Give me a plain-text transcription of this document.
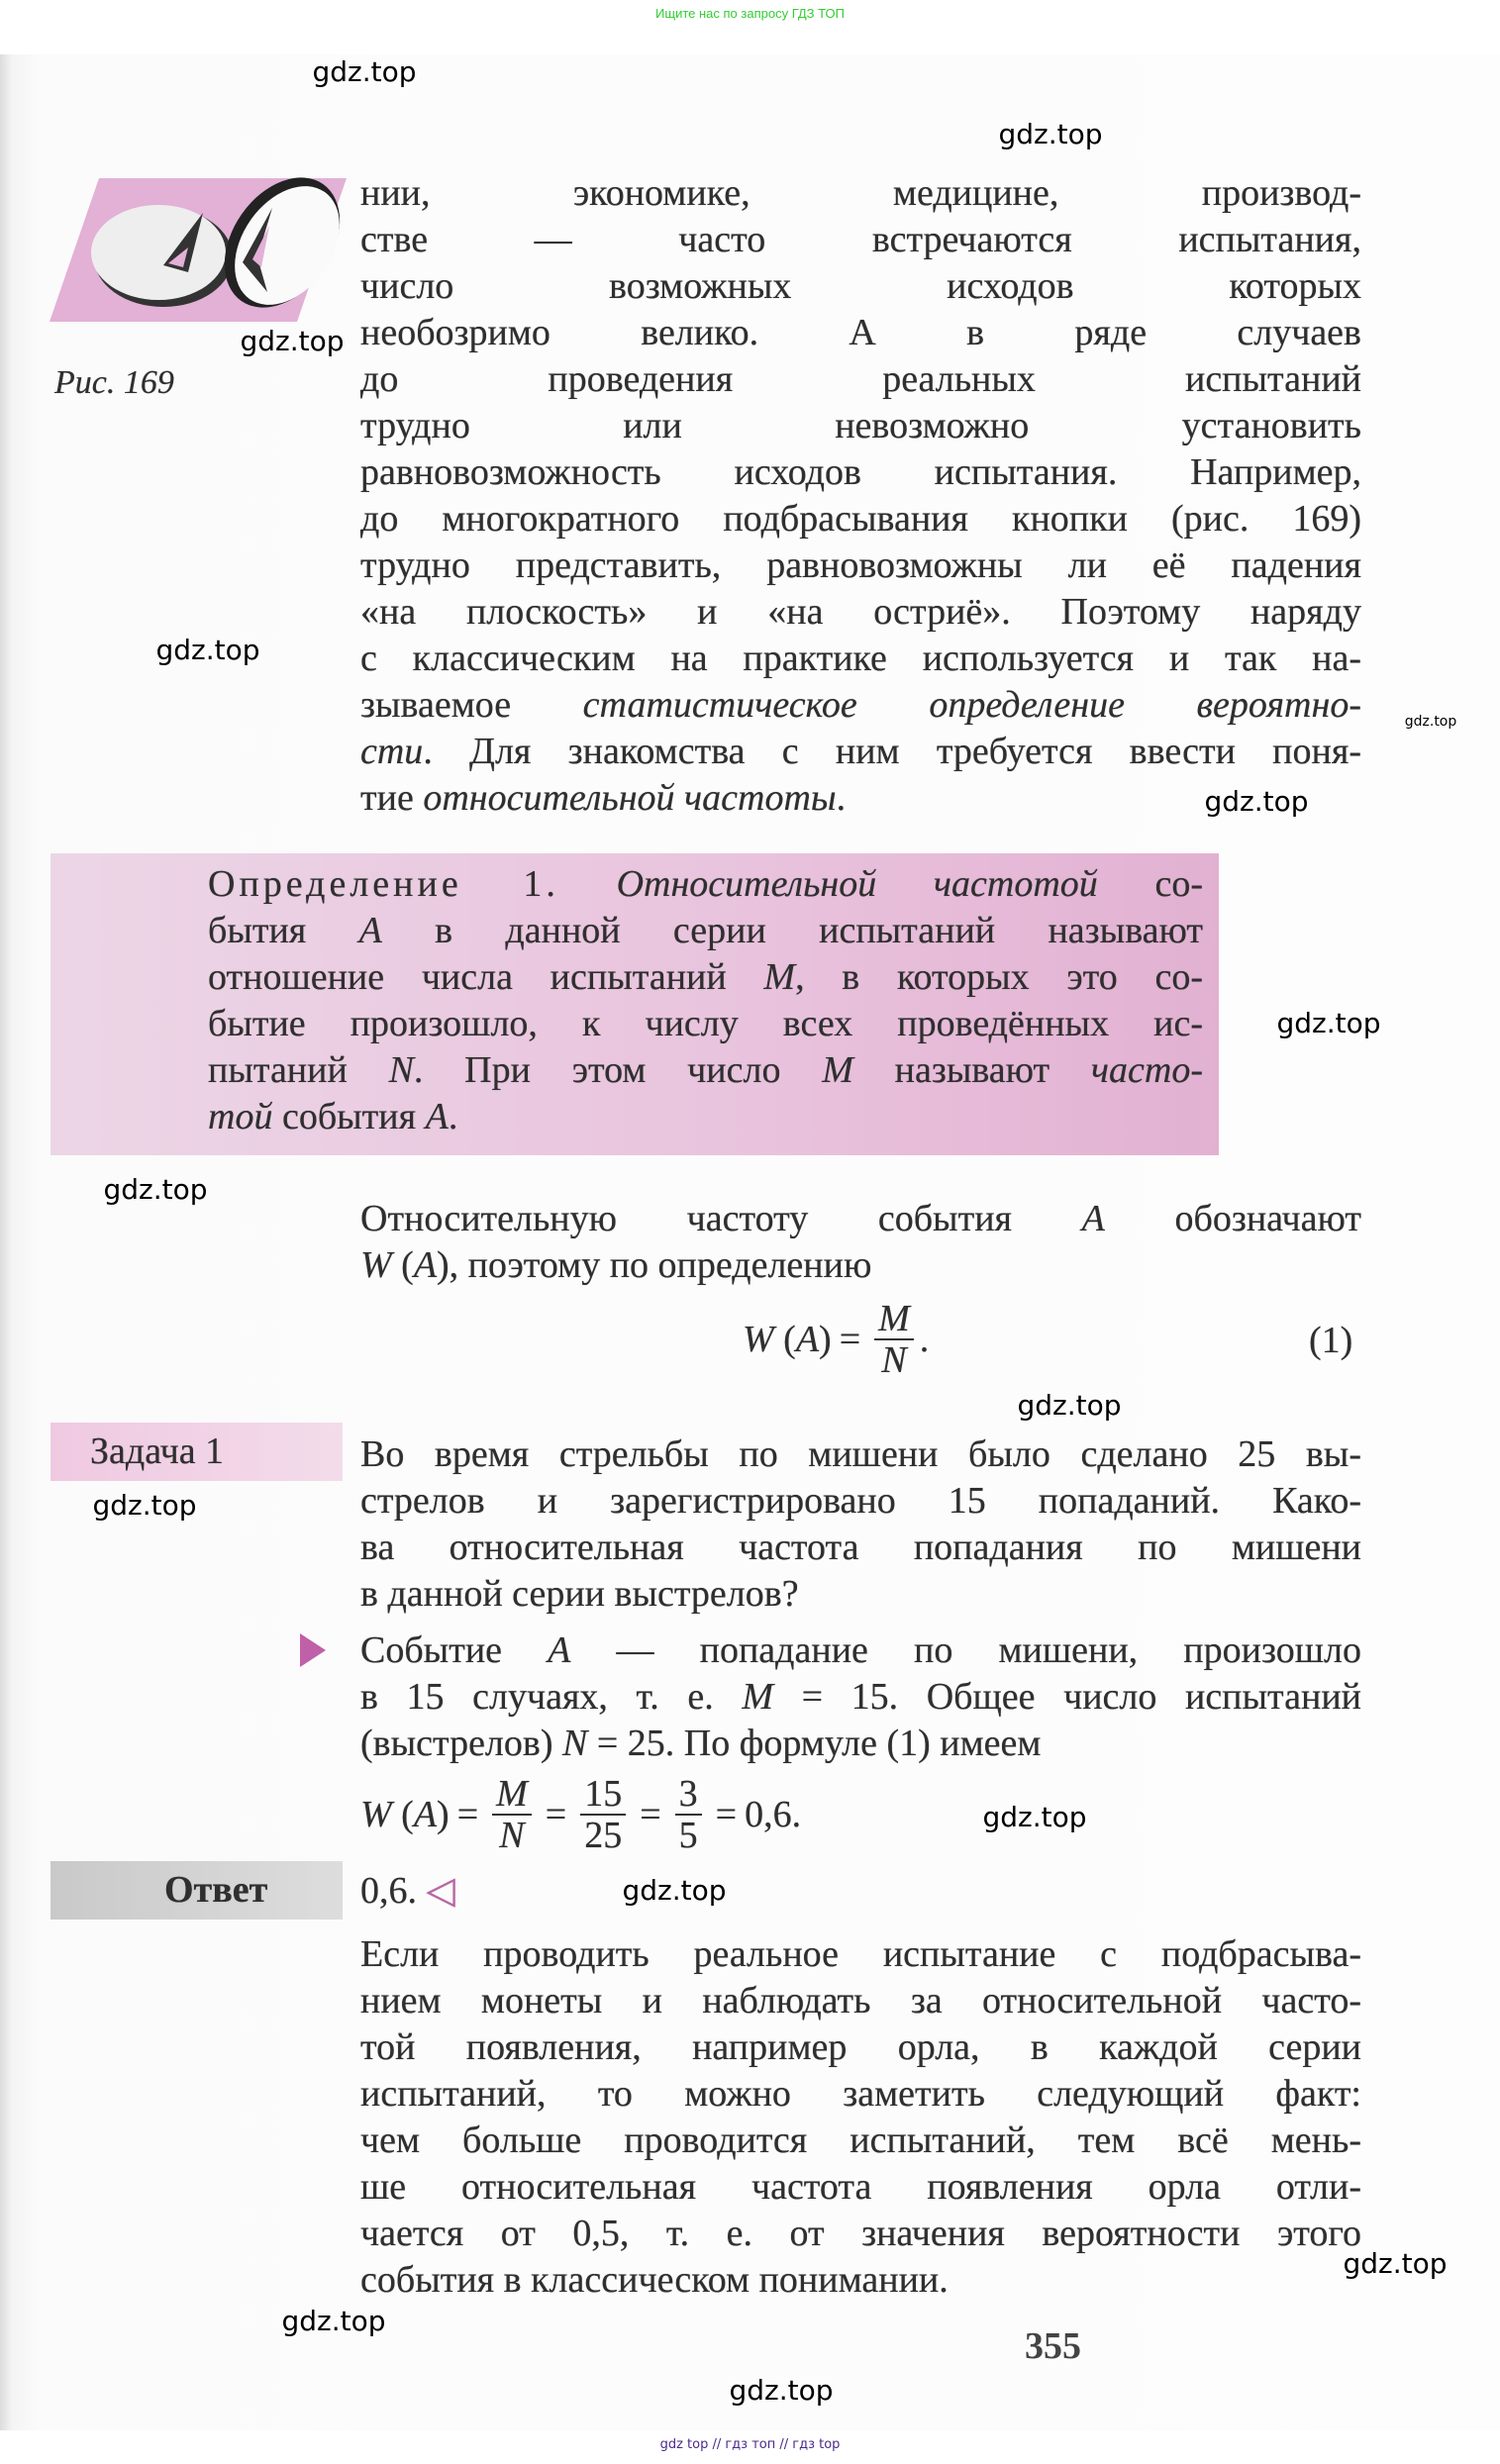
Ищите нас по запросу ГДЗ ТОП
Рис. 169
нии, экономике, медицине, производ-
стве — часто встречаются испытания,
число возможных исходов которых
необозримо велико. А в ряде случаев
до проведения реальных испытаний
трудно или невозможно установить
равновозможность исходов испытания. Например,
до многократного подбрасывания кнопки (рис. 169)
трудно представить, равновозможны ли её падения
«на плоскость» и «на остриё». Поэтому наряду
с классическим на практике используется и так на-
зываемое статистическое определение вероятно-
сти. Для знакомства с ним требуется ввести поня-
тие относительной частоты.
Определение 1. Относительной частотой со-
бытия A в данной серии испытаний называют
отношение числа испытаний M, в которых это со-
бытие произошло, к числу всех проведённых ис-
пытаний N. При этом число M называют часто-
той события A.
Относительную частоту события A обозначают
W (A), поэтому по определению
W ( A ) = $\frac{M}{N}$ .	(1)
Задача 1	Во время стрельбы по мишени было сделано 25 вы-
стрелов и зарегистрировано 15 попаданий. Како-
ва относительная частота попадания по мишени
в данной серии выстрелов?
Событие A — попадание по мишени, произошло
в 15 случаях, т. е. M = 15. Общее число испытаний
(выстрелов) N = 25. По формуле (1) имеем
W ( A ) = $\frac{M}{N} = \frac{15}{25} = \frac{3}{5} = 0,6$.
Ответ 0,6.
◁
Если проводить реальное испытание с подбрасыва-
нием монеты и наблюдать за относительной часто-
той появления, например орла, в каждой серии
испытаний, то можно заметить следующий факт:
чем больше проводится испытаний, тем всё мень-
ше относительная частота появления орла отли-
чается от 0,5, т. е. от значения вероятности этого
события в классическом понимании.
355
gdz.top
gdz.top
gdz.top
gdz.top
gdz.top
gdz.top
gdz.top
gdz.top
gdz.top
gdz.top
gdz.top
gdz.top
gdz.top
gdz.top
gdz.top
gdz top // гдз топ // гдз top
